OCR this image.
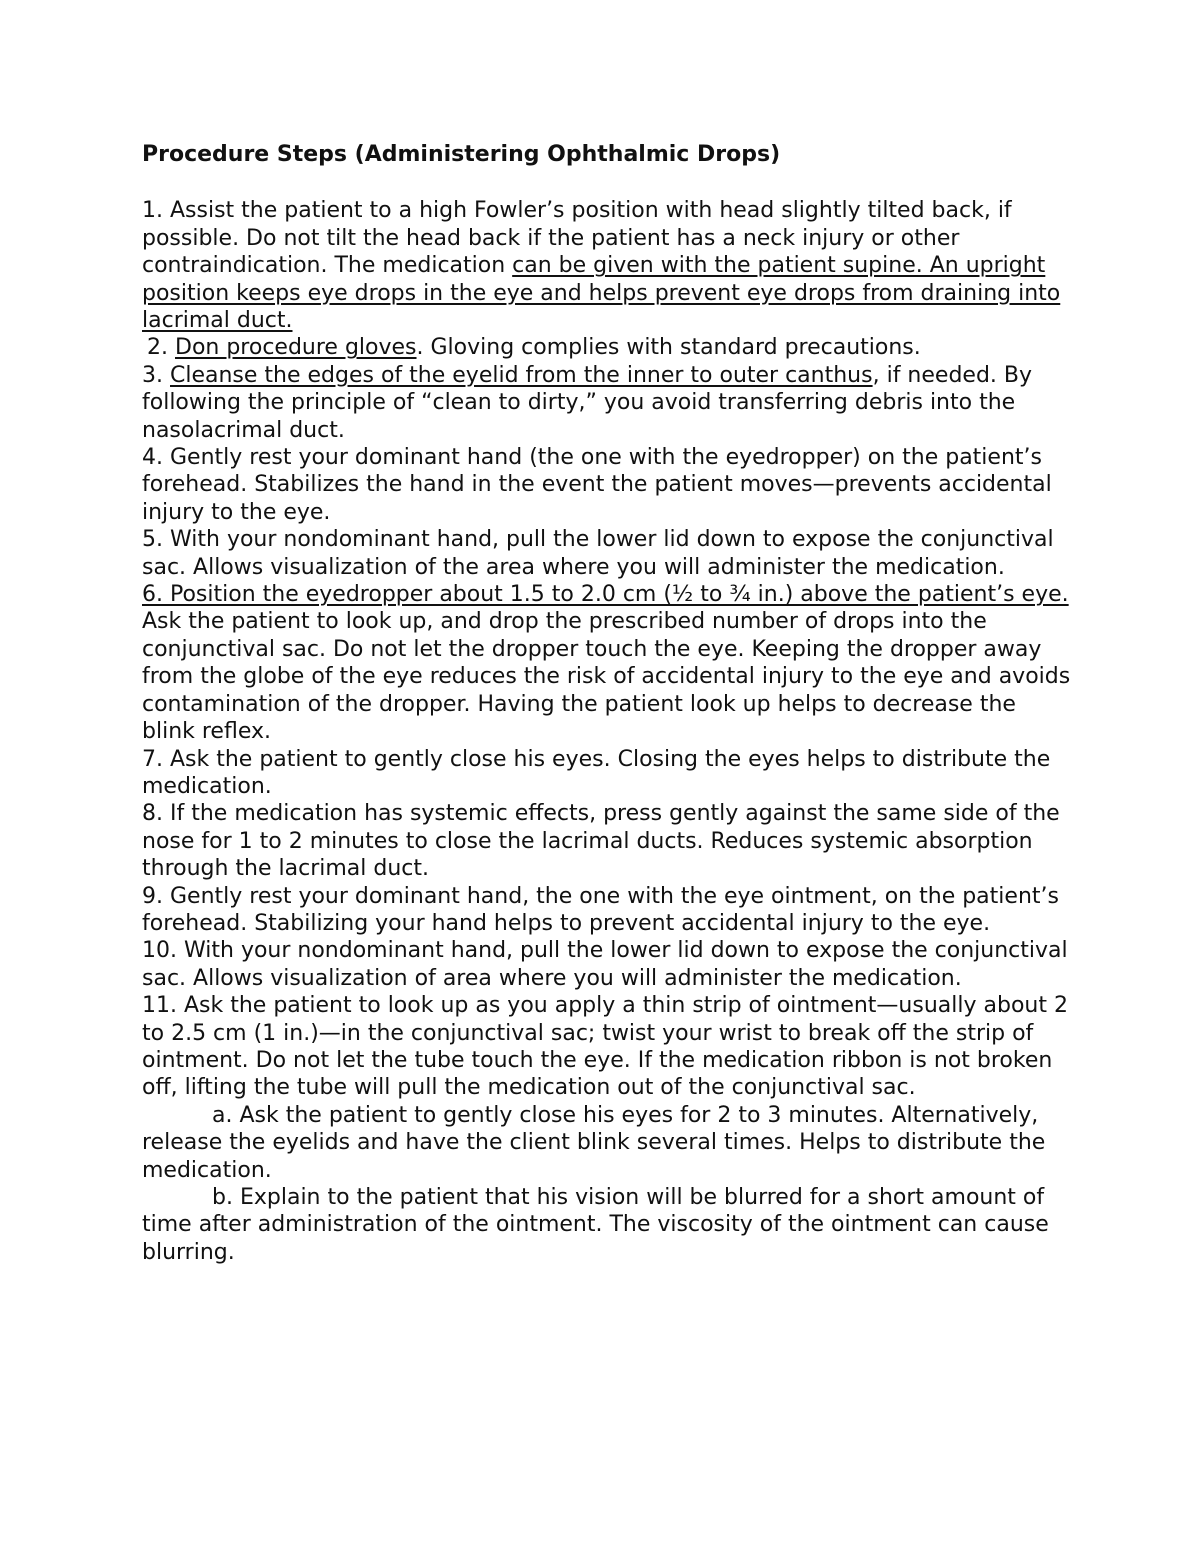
Procedure Steps (Administering Ophthalmic Drops)

1. Assist the patient to a high Fowler’s position with head slightly tilted back, if possible. Do not tilt the head back if the patient has a neck injury or other contraindication. The medication can be given with the patient supine. An upright position keeps eye drops in the eye and helps prevent eye drops from draining into lacrimal duct.

2. Don procedure gloves. Gloving complies with standard precautions.

3. Cleanse the edges of the eyelid from the inner to outer canthus, if needed. By following the principle of “clean to dirty,” you avoid transferring debris into the nasolacrimal duct.

4. Gently rest your dominant hand (the one with the eyedropper) on the patient’s forehead. Stabilizes the hand in the event the patient moves—prevents accidental injury to the eye.

5. With your nondominant hand, pull the lower lid down to expose the conjunctival sac. Allows visualization of the area where you will administer the medication.

6. Position the eyedropper about 1.5 to 2.0 cm (½ to ¾ in.) above the patient’s eye. Ask the patient to look up, and drop the prescribed number of drops into the conjunctival sac. Do not let the dropper touch the eye. Keeping the dropper away from the globe of the eye reduces the risk of accidental injury to the eye and avoids contamination of the dropper. Having the patient look up helps to decrease the blink reflex.

7. Ask the patient to gently close his eyes. Closing the eyes helps to distribute the medication.

8. If the medication has systemic effects, press gently against the same side of the nose for 1 to 2 minutes to close the lacrimal ducts. Reduces systemic absorption through the lacrimal duct.

9. Gently rest your dominant hand, the one with the eye ointment, on the patient’s forehead. Stabilizing your hand helps to prevent accidental injury to the eye.

10. With your nondominant hand, pull the lower lid down to expose the conjunctival sac. Allows visualization of area where you will administer the medication.

11. Ask the patient to look up as you apply a thin strip of ointment—usually about 2 to 2.5 cm (1 in.)—in the conjunctival sac; twist your wrist to break off the strip of ointment. Do not let the tube touch the eye. If the medication ribbon is not broken off, lifting the tube will pull the medication out of the conjunctival sac.

a. Ask the patient to gently close his eyes for 2 to 3 minutes. Alternatively, release the eyelids and have the client blink several times. Helps to distribute the medication.

b. Explain to the patient that his vision will be blurred for a short amount of time after administration of the ointment. The viscosity of the ointment can cause blurring.
